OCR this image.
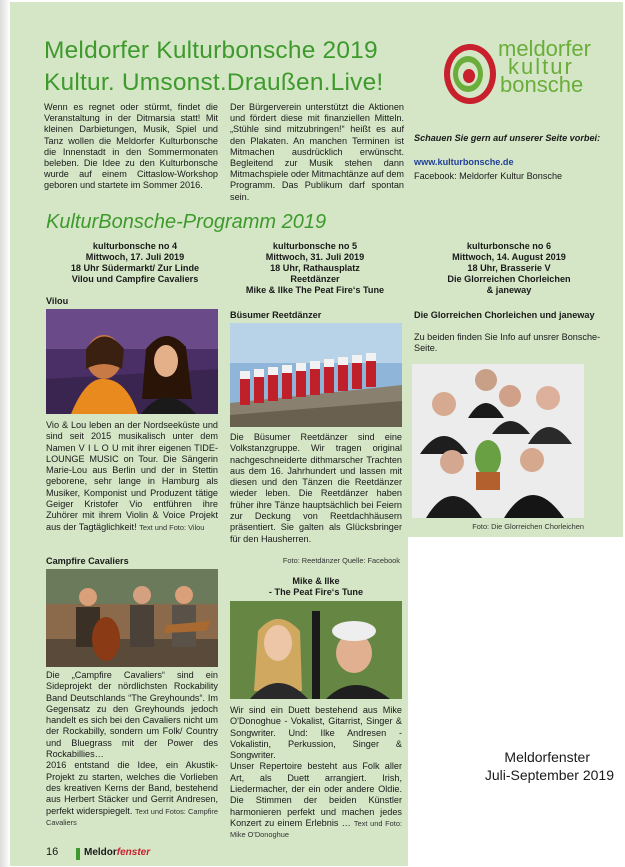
Meldorfer Kulturbonsche 2019
Kultur. Umsonst.Draußen.Live!
meldorfer
kultur
bonsche
Wenn es regnet oder stürmt, findet die Veranstaltung in der Ditmarsia statt! Mit kleinen Darbietungen, Musik, Spiel und Tanz wollen die Meldorfer Kulturbonsche die Innenstadt in den Sommermonaten beleben. Die Idee zu den Kulturbonsche wurde auf einem Cittaslow-Workshop geboren und startete im Sommer 2016.
Der Bürgerverein unterstützt die Aktionen und fördert diese mit finanziellen Mitteln. „Stühle sind mitzubringen!“ heißt es auf den Plakaten. An manchen Terminen ist Mitmachen ausdrücklich erwünscht. Begleitend zur Musik stehen dann Mitmachspiele oder Mitmachtänze auf dem Programm. Das Publikum darf spontan sein.
Schauen Sie gern auf unserer Seite vorbei:
www.kulturbonsche.de
Facebook: Meldorfer Kultur Bonsche
KulturBonsche-Programm 2019
kulturbonsche no 4
Mittwoch, 17. Juli 2019
18 Uhr Südermarkt/ Zur Linde
Vilou und Campfire Cavaliers
kulturbonsche no 5
Mittwoch, 31. Juli 2019
18 Uhr, Rathausplatz
Reetdänzer
Mike & Ilke The Peat Fire‘s Tune
kulturbonsche no 6
Mittwoch, 14. August 2019
18 Uhr, Brasserie V
Die Glorreichen Chorleichen
& janeway
Vilou
Vio & Lou leben an der Nordseeküste und sind seit 2015 musikalisch unter dem Namen V I L O U mit ihrer eigenen TIDE-LOUNGE MUSIC on Tour. Die Sängerin Marie-Lou aus Berlin und der in Stettin geborene, sehr lange in Hamburg als Musiker, Komponist und Produzent tätige Geiger Kristofer Vio entführen ihre Zuhörer mit ihrem Violin & Voice Projekt aus der Tagtäglichkeit! Text und Foto: Vilou
Campfire Cavaliers
Die „Campfire Cavaliers“ sind ein Sideprojekt der nördlichsten Rockability Band Deutschlands “The Greyhounds“. Im Gegensatz zu den Greyhounds jedoch handelt es sich bei den Cavaliers nicht um der Rockabilly, sondern um Folk/ Country und Bluegrass mit der Power des Rockabillies…
2016 entstand die Idee, ein Akustik-Projekt zu starten, welches die Vorlieben des kreativen Kerns der Band, bestehend aus Herbert Stäcker und Gerrit Andresen, perfekt widerspiegelt. Text und Fotos: Campfire Cavaliers
Büsumer Reetdänzer
Die Büsumer Reetdänzer sind eine Volkstanzgruppe. Wir tragen original nachgeschneiderte dithmarscher Trachten aus dem 16. Jahrhundert und lassen mit diesen und den Tänzen die Reetdänzer wieder leben. Die Reetdänzer haben früher ihre Tänze hauptsächlich bei Feiern zur Deckung von Reetdachhäusern präsentiert. Sie galten als Glücksbringer für den Hausherren.
Foto: Reetdänzer Quelle: Facebook
Mike & Ilke
- The Peat Fire‘s Tune
Wir sind ein Duett bestehend aus Mike O'Donoghue - Vokalist, Gitarrist, Singer & Songwriter. Und: Ilke Andresen - Vokalistin, Perkussion, Singer & Songwriter.
Unser Repertoire besteht aus Folk aller Art, als Duett arrangiert. Irish, Liedermacher, der ein oder andere Oldie. Die Stimmen der beiden Künstler harmonieren perfekt und machen jedes Konzert zu einem Erlebnis … Text und Foto: Mike O'Donoghue
Die Glorreichen Chorleichen und janeway
Zu beiden finden Sie Info auf unsrer Bonsche-Seite.
Foto: Die Glorreichen Chorleichen
Meldorfenster
Juli-September 2019
16	Meldorfenster
